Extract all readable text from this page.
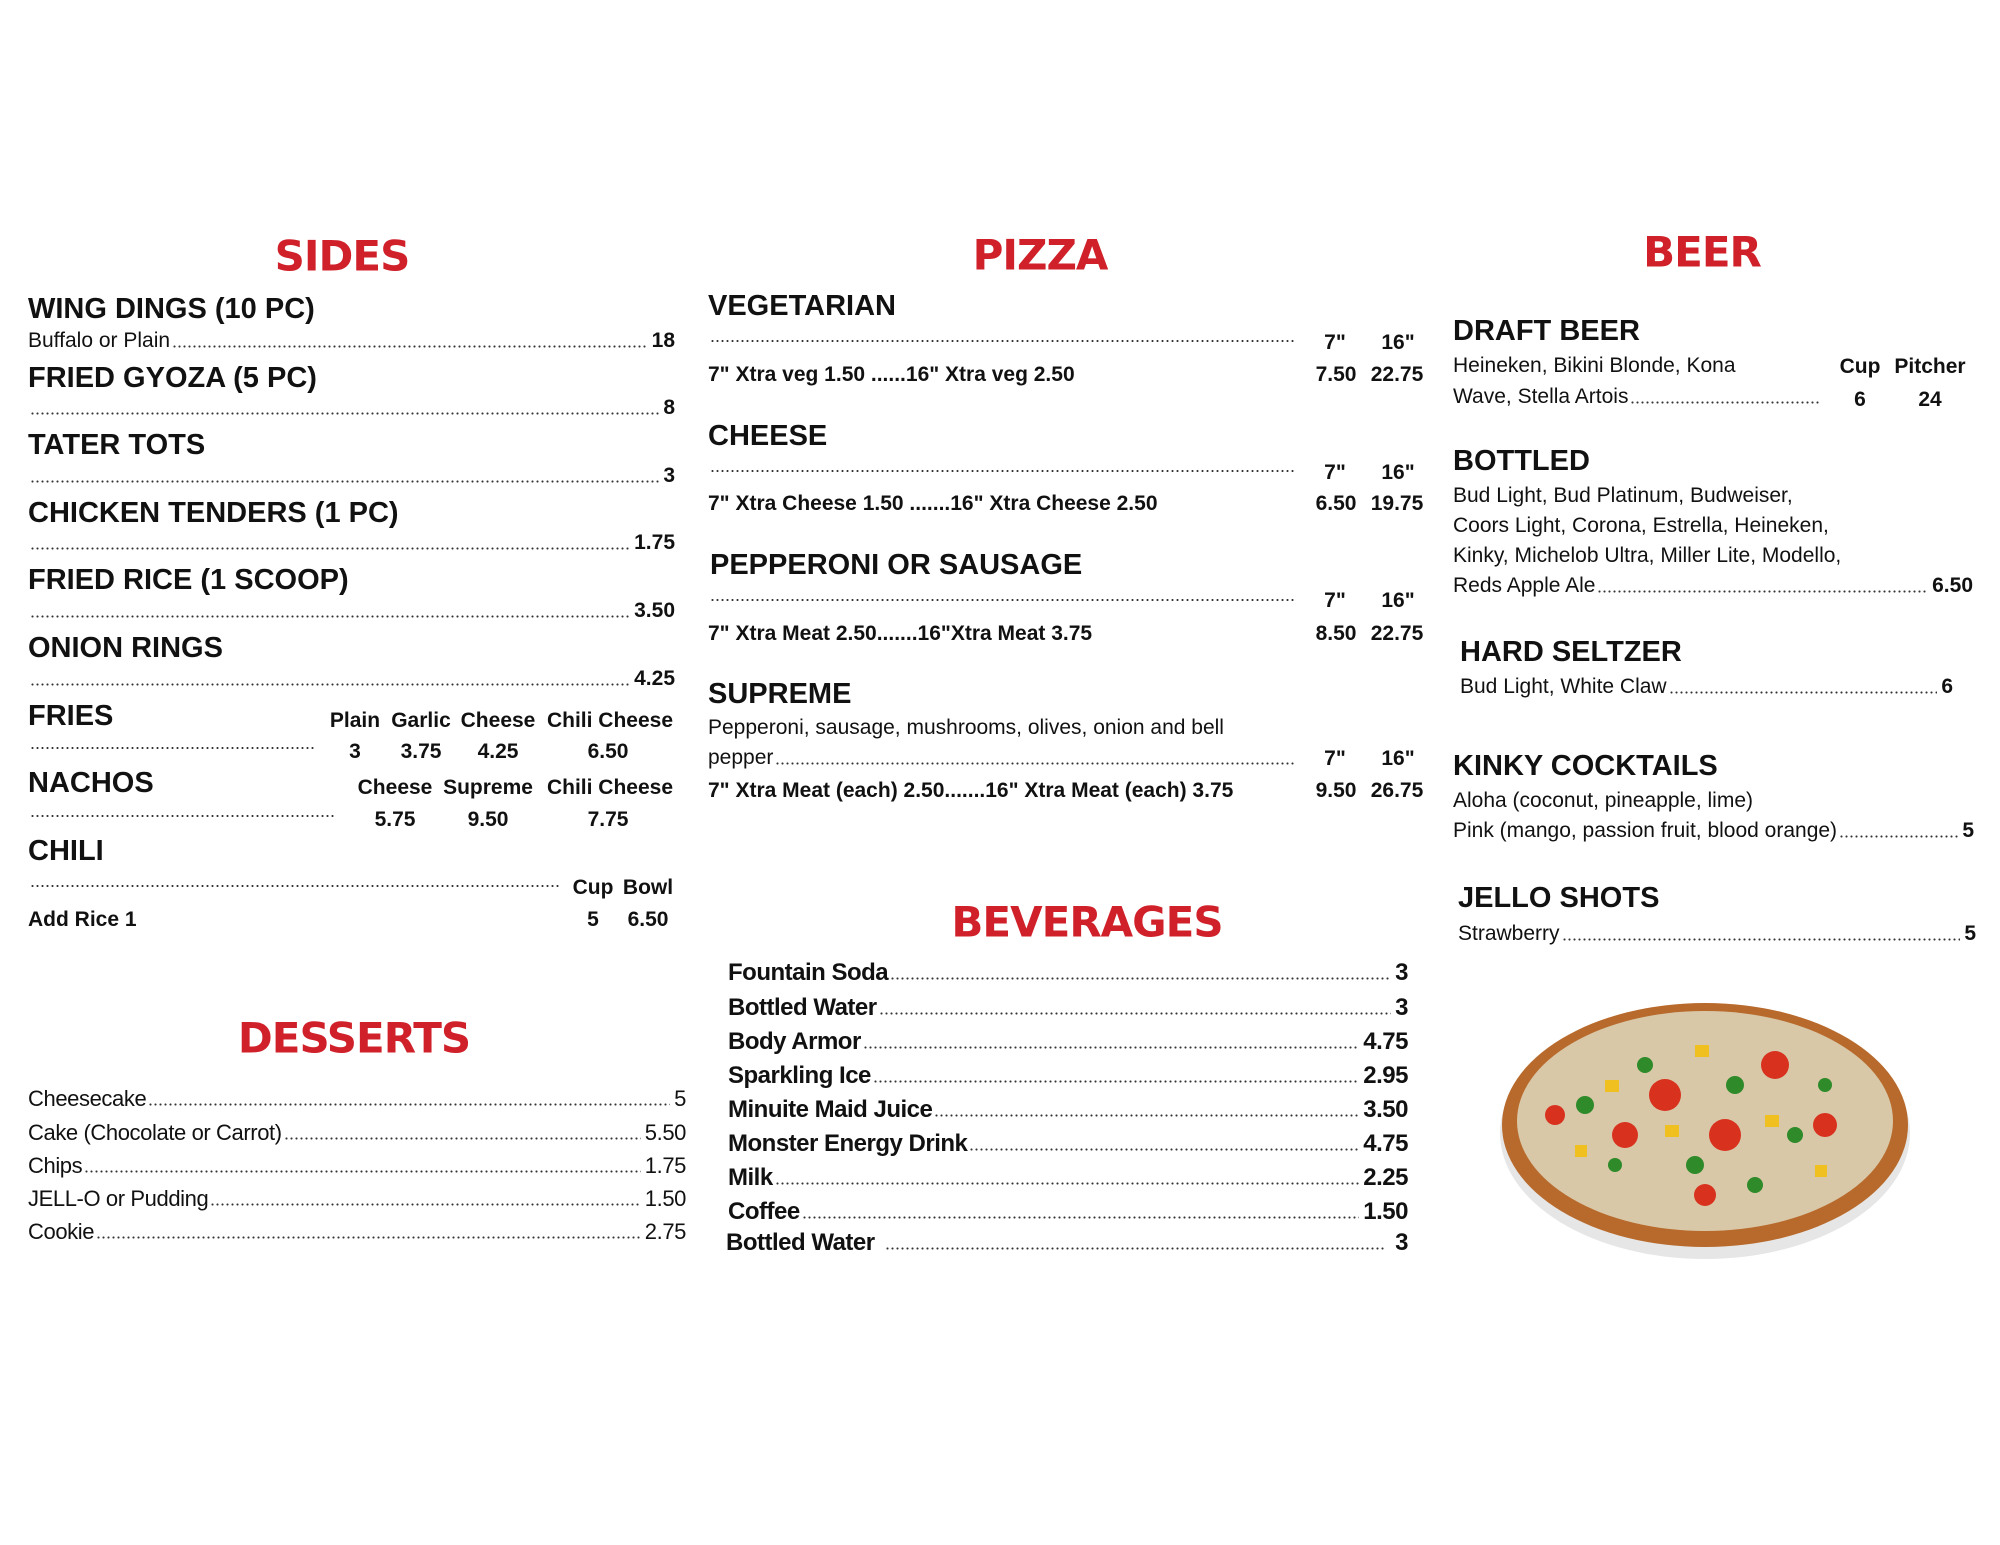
SIDES
WING DINGS (10 PC)
Buffalo or Plain	18
FRIED GYOZA (5 PC)
8
TATER TOTS
3
CHICKEN TENDERS (1 PC)
1.75
FRIED RICE (1 SCOOP)
3.50
ONION RINGS
4.25
FRIES	Plain Garlic Cheese Chili Cheese
3 3.75 4.25	6.50
NACHOS	Cheese Supreme Chili Cheese
5.75 9.50	7.75
CHILI
Cup Bowl
Add Rice 1	5 6.50
DESSERTS
Cheesecake	5
Cake (Chocolate or Carrot)	5.50
Chips	1.75
JELL-O or Pudding	1.50
Cookie	2.75
PIZZA
VEGETARIAN
7" 16"
7" Xtra veg 1.50 ......16" Xtra veg 2.50	7.50 22.75
CHEESE
7" 16"
7" Xtra Cheese 1.50 .......16" Xtra Cheese 2.50	6.50 19.75
PEPPERONI OR SAUSAGE
7" 16"
7" Xtra Meat 2.50.......16"Xtra Meat 3.75	8.50 22.75
SUPREME
Pepperoni, sausage, mushrooms, olives, onion and bell
pepper	7" 16"
7" Xtra Meat (each) 2.50.......16" Xtra Meat (each) 3.75	9.50 26.75
BEVERAGES
Fountain Soda	3
Bottled Water	3
Body Armor	4.75
Sparkling Ice	2.95
Minuite Maid Juice	3.50
Monster Energy Drink	4.75
Milk	2.25
Coffee	1.50
Bottled Water	3
BEER
DRAFT BEER
Heineken, Bikini Blonde, Kona
Wave, Stella Artois
Cup Pitcher
6 24
BOTTLED
Bud Light, Bud Platinum, Budweiser,
Coors Light, Corona, Estrella, Heineken,
Kinky, Michelob Ultra, Miller Lite, Modello,
Reds Apple Ale	6.50
HARD SELTZER
Bud Light, White Claw	6
KINKY COCKTAILS
Aloha (coconut, pineapple, lime)
Pink (mango, passion fruit, blood orange)	5
JELLO SHOTS
Strawberry	5
